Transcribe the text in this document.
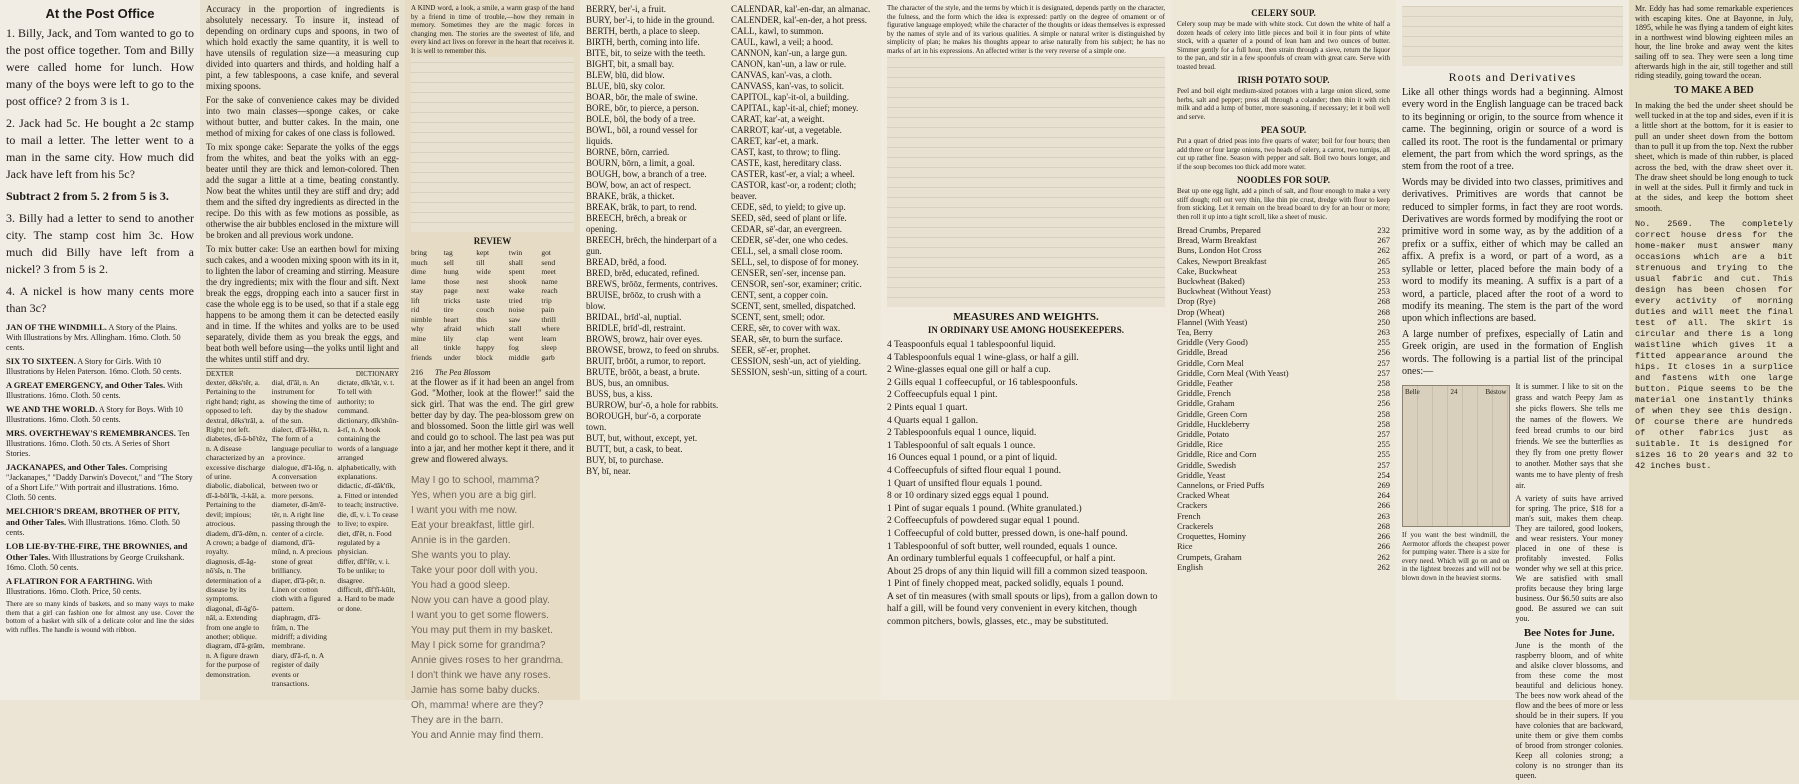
At the Post Office

1. Billy, Jack, and Tom wanted to go to the post office together. Tom and Billy were called home for lunch. How many of the boys were left to go to the post office? 2 from 3 is 1.

2. Jack had 5c. He bought a 2c stamp to mail a letter. The letter went to a man in the same city. How much did Jack have left from his 5c?

Subtract 2 from 5. 2 from 5 is 3.

3. Billy had a letter to send to another city. The stamp cost him 3c. How much did Billy have left from a nickel? 3 from 5 is 2.

4. A nickel is how many cents more than 3c?

JAN OF THE WINDMILL. A Story of the Plains. With Illustrations by Mrs. Allingham. 16mo. Cloth. 50 cents.

SIX TO SIXTEEN. A Story for Girls. With 10 Illustrations by Helen Paterson. 16mo. Cloth. 50 cents.

A GREAT EMERGENCY, and Other Tales. With Illustrations. 16mo. Cloth. 50 cents.

WE AND THE WORLD. A Story for Boys. With 10 Illustrations. 16mo. Cloth. 50 cents.

MRS. OVERTHEWAY'S REMEMBRANCES. Ten Illustrations. 16mo. Cloth. 50 cts. A Series of Short Stories.

JACKANAPES, and Other Tales. Comprising "Jackanapes," "Daddy Darwin's Dovecot," and "The Story of a Short Life." With portrait and illustrations. 16mo. Cloth. 50 cents.

MELCHIOR'S DREAM, BROTHER OF PITY, and Other Tales. With Illustrations. 16mo. Cloth. 50 cents.

LOB LIE-BY-THE-FIRE, THE BROWNIES, and Other Tales. With Illustrations by George Cruikshank. 16mo. Cloth. 50 cents.

A FLATIRON FOR A FARTHING. With Illustrations. 16mo. Cloth. Price, 50 cents.

There are so many kinds of baskets, and so many ways to make them that a girl can fashion one for almost any use. Cover the bottom of a basket with silk of a delicate color and line the sides with ruffles. The handle is wound with ribbon.

Accuracy in the proportion of ingredients is absolutely necessary. To insure it, instead of depending on ordinary cups and spoons, in two of which hold exactly the same quantity, it is well to have utensils of regulation size—a measuring cup divided into quarters and thirds, and holding half a pint, a few tablespoons, a case knife, and several mixing spoons.

For the sake of convenience cakes may be divided into two main classes—sponge cakes, or cake without butter, and butter cakes. In the main, one method of mixing for cakes of one class is followed.

To mix sponge cake: Separate the yolks of the eggs from the whites, and beat the yolks with an egg-beater until they are thick and lemon-colored. Then add the sugar a little at a time, beating constantly. Now beat the whites until they are stiff and dry; add them and the sifted dry ingredients as directed in the recipe. Do this with as few motions as possible, as otherwise the air bubbles enclosed in the mixture will be broken and all previous work undone.

To mix butter cake: Use an earthen bowl for mixing such cakes, and a wooden mixing spoon with its in it, to lighten the labor of creaming and stirring. Measure the dry ingredients; mix with the flour and sift. Next break the eggs, dropping each into a saucer first in case the whole egg is to be used, so that if a stale egg happens to be among them it can be detected easily and in time. If the whites and yolks are to be used separately, divide them as you break the eggs, and beat both well before using—the yolks until light and the whites until stiff and dry.

DEXTER	DICTIONARY

dexter, dĕks'tēr, a. Pertaining to the right hand; right, as opposed to left.

dextral, dĕks'trăl, a. Right; not left.

diabetes, dī-ă-bē'tēz, n. A disease characterized by an excessive discharge of urine.

diabolic, diabolical, dī-ă-bŏl'ĭk, -ĭ-kăl, a. Pertaining to the devil; impious; atrocious.

diadem, dī'ă-dĕm, n. A crown; a badge of royalty.

diagnosis, dī-ăg-nō'sĭs, n. The determination of a disease by its symptoms.

diagonal, dī-ăg'ō-năl, a. Extending from one angle to another; oblique.

diagram, dī'ă-grăm, n. A figure drawn for the purpose of demonstration.

dial, dī'ăl, n. An instrument for showing the time of day by the shadow of the sun.

dialect, dī'ă-lĕkt, n. The form of a language peculiar to a province.

dialogue, dī'ă-lŏg, n. A conversation between two or more persons.

diameter, dī-ăm'ē-tēr, n. A right line passing through the center of a circle.

diamond, dī'ă-mŭnd, n. A precious stone of great brilliancy.

diaper, dī'ă-pēr, n. Linen or cotton cloth with a figured pattern.

diaphragm, dī'ă-frăm, n. The midriff; a dividing membrane.

diary, dī'ă-rĭ, n. A register of daily events or transactions.

dictate, dĭk'tāt, v. t. To tell with authority; to command.

dictionary, dĭk'shŭn-ă-rĭ, n. A book containing the words of a language arranged alphabetically, with explanations.

didactic, dī-dăk'tĭk, a. Fitted or intended to teach; instructive.

die, dī, v. i. To cease to live; to expire.

diet, dī'ĕt, n. Food regulated by a physician.

differ, dĭf'fēr, v. i. To be unlike; to disagree.

difficult, dĭf'fĭ-kŭlt, a. Hard to be made or done.

A KIND word, a look, a smile, a warm grasp of the hand by a friend in time of trouble,—how they remain in memory. Sometimes they are the magic forces in changing men. The stories are the sweetest of life, and every kind act lives on forever in the heart that receives it. It is well to remember this.

REVIEW
bring	tag	kept	twin	got
much	sell	till	shall	send
dime	hung	wide	spent	meet
lame	those	nest	shook	name
stay	page	next	wake	reach
lift	tricks	taste	tried	trip
rid	tire	couch	noise	pain
nimble	heart	this	saw	thrill
why	afraid	which	stall	where
mine	lily	clap	went	learn
all	tinkle	happy	fog	sleep
friends	under	block	middle	garb
216 The Pea Blossom

at the flower as if it had been an angel from God. "Mother, look at the flower!" said the sick girl. That was the end. The girl grew better day by day. The pea-blossom grew on and blossomed. Soon the little girl was well and could go to school. The last pea was put into a jar, and her mother kept it there, and it grew and flowered always.

May I go to school, mamma?

Yes, when you are a big girl.

I want you with me now.

Eat your breakfast, little girl.

Annie is in the garden.

She wants you to play.

Take your poor doll with you.

You had a good sleep.

Now you can have a good play.

I want you to get some flowers.

You may put them in my basket.

May I pick some for grandma?

Annie gives roses to her grandma.

I don't think we have any roses.

Jamie has some baby ducks.

Oh, mamma! where are they?

They are in the barn.

You and Annie may find them.

BERRY, ber'-i, a fruit.

BURY, ber'-i, to hide in the ground.

BERTH, berth, a place to sleep.

BIRTH, berth, coming into life.

BITE, bit, to seize with the teeth.

BIGHT, bit, a small bay.

BLEW, blū, did blow.

BLUE, blū, sky color.

BOAR, bōr, the male of swine.

BORE, bōr, to pierce, a person.

BOLE, bōl, the body of a tree.

BOWL, bōl, a round vessel for liquids.

BORNE, bōrn, carried.

BOURN, bōrn, a limit, a goal.

BOUGH, bow, a branch of a tree.

BOW, bow, an act of respect.

BRAKE, brāk, a thicket.

BREAK, brāk, to part, to rend.

BREECH, brēch, a break or opening.

BREECH, brēch, the hinderpart of a gun.

BREAD, brĕd, a food.

BRED, brĕd, educated, refined.

BREWS, brōōz, ferments, contrives.

BRUISE, brōōz, to crush with a blow.

BRIDAL, brīd'-al, nuptial.

BRIDLE, brīd'-dl, restraint.

BROWS, browz, hair over eyes.

BROWSE, browz, to feed on shrubs.

BRUIT, brōōt, a rumor, to report.

BRUTE, brōōt, a beast, a brute.

BUS, bus, an omnibus.

BUSS, bus, a kiss.

BURROW, bur'-ō, a hole for rabbits.

BOROUGH, bur'-ō, a corporate town.

BUT, but, without, except, yet.

BUTT, but, a cask, to beat.

BUY, bī, to purchase.

BY, bī, near.

CALENDAR, kal'-en-dar, an almanac.

CALENDER, kal'-en-der, a hot press.

CALL, kawl, to summon.

CAUL, kawl, a veil; a hood.

CANNON, kan'-un, a large gun.

CANON, kan'-un, a law or rule.

CANVAS, kan'-vas, a cloth.

CANVASS, kan'-vas, to solicit.

CAPITOL, kap'-it-ol, a building.

CAPITAL, kap'-it-al, chief; money.

CARAT, kar'-at, a weight.

CARROT, kar'-ut, a vegetable.

CARET, kar'-et, a mark.

CAST, kast, to throw; to fling.

CASTE, kast, hereditary class.

CASTER, kast'-er, a vial; a wheel.

CASTOR, kast'-or, a rodent; cloth; beaver.

CEDE, sēd, to yield; to give up.

SEED, sēd, seed of plant or life.

CEDAR, sē'-dar, an evergreen.

CEDER, sē'-der, one who cedes.

CELL, sel, a small close room.

SELL, sel, to dispose of for money.

CENSER, sen'-ser, incense pan.

CENSOR, sen'-sor, examiner; critic.

CENT, sent, a copper coin.

SCENT, sent, smelled, dispatched.

SCENT, sent, smell; odor.

CERE, sēr, to cover with wax.

SEAR, sēr, to burn the surface.

SEER, sē'-er, prophet.

CESSION, sesh'-un, act of yielding.

SESSION, sesh'-un, sitting of a court.

The character of the style, and the terms by which it is designated, depends partly on the character, the fulness, and the form which the idea is expressed: partly on the degree of ornament or of figurative language employed; while the character of the thoughts or ideas themselves is expressed by the names of style and of its various qualities. A simple or natural writer is distinguished by simplicity of plan; he makes his thoughts appear to arise naturally from his subject; he has no marks of art in his expressions. An affected writer is the very reverse of a simple one.

MEASURES AND WEIGHTS.
IN ORDINARY USE AMONG HOUSEKEEPERS.

4 Teaspoonfuls equal 1 tablespoonful liquid.

4 Tablespoonfuls equal 1 wine-glass, or half a gill.

2 Wine-glasses equal one gill or half a cup.

2 Gills equal 1 coffeecupful, or 16 tablespoonfuls.

2 Coffeecupfuls equal 1 pint.

2 Pints equal 1 quart.

4 Quarts equal 1 gallon.

2 Tablespoonfuls equal 1 ounce, liquid.

1 Tablespoonful of salt equals 1 ounce.

16 Ounces equal 1 pound, or a pint of liquid.

4 Coffeecupfuls of sifted flour equal 1 pound.

1 Quart of unsifted flour equals 1 pound.

8 or 10 ordinary sized eggs equal 1 pound.

1 Pint of sugar equals 1 pound. (White granulated.)

2 Coffeecupfuls of powdered sugar equal 1 pound.

1 Coffeecupful of cold butter, pressed down, is one-half pound.

1 Tablespoonful of soft butter, well rounded, equals 1 ounce.

An ordinary tumblerful equals 1 coffeecupful, or half a pint.

About 25 drops of any thin liquid will fill a common sized teaspoon.

1 Pint of finely chopped meat, packed solidly, equals 1 pound.

A set of tin measures (with small spouts or lips), from a gallon down to half a gill, will be found very convenient in every kitchen, though common pitchers, bowls, glasses, etc., may be substituted.

CELERY SOUP.

Celery soup may be made with white stock. Cut down the white of half a dozen heads of celery into little pieces and boil it in four pints of white stock, with a quarter of a pound of lean ham and two ounces of butter. Simmer gently for a full hour, then strain through a sieve, return the liquor to the pan, and stir in a few spoonfuls of cream with great care. Serve with toasted bread.

IRISH POTATO SOUP.

Peel and boil eight medium-sized potatoes with a large onion sliced, some herbs, salt and pepper; press all through a colander; then thin it with rich milk and add a lump of butter, more seasoning, if necessary; let it boil well and serve.

PEA SOUP.

Put a quart of dried peas into five quarts of water; boil for four hours; then add three or four large onions, two heads of celery, a carrot, two turnips, all cut up rather fine. Season with pepper and salt. Boil two hours longer, and if the soup becomes too thick add more water.

NOODLES FOR SOUP.

Beat up one egg light, add a pinch of salt, and flour enough to make a very stiff dough; roll out very thin, like thin pie crust, dredge with flour to keep from sticking. Let it remain on the bread board to dry for an hour or more; then roll it up into a tight scroll, like a sheet of music.

Bread Crumbs, Prepared	232
Bread, Warm Breakfast	267
Buns, London Hot Cross	262
Cakes, Newport Breakfast	265
Cake, Buckwheat	253
Buckwheat (Baked)	253
Buckwheat (Without Yeast)	253
Drop (Rye)	268
Drop (Wheat)	268
Flannel (With Yeast)	250
Tea, Berry	263
Griddle (Very Good)	255
Griddle, Bread	256
Griddle, Corn Meal	257
Griddle, Corn Meal (With Yeast)	257
Griddle, Feather	258
Griddle, French	258
Griddle, Graham	256
Griddle, Green Corn	258
Griddle, Huckleberry	258
Griddle, Potato	257
Griddle, Rice	255
Griddle, Rice and Corn	255
Griddle, Swedish	257
Griddle, Yeast	254
Cannelons, or Fried Puffs	269
Cracked Wheat	264
Crackers	266
French	263
Crackerels	268
Croquettes, Hominy	266
Rice	266
Crumpets, Graham	262
English	262
Roots and Derivatives

Like all other things words had a beginning. Almost every word in the English language can be traced back to its beginning or origin, to the source from whence it came. The beginning, origin or source of a word is called its root. The root is the fundamental or primary element, the part from which the word springs, as the stem from the root of a tree.

Words may be divided into two classes, primitives and derivatives. Primitives are words that cannot be reduced to simpler forms, in fact they are root words. Derivatives are words formed by modifying the root or primitive word in some way, as by the addition of a prefix or a suffix, either of which may be called an affix. A prefix is a word, or part of a word, as a syllable or letter, placed before the main body of a word to modify its meaning. A suffix is a part of a word, a particle, placed after the root of a word to modify its meaning. The stem is the part of the word upon which inflections are based.

A large number of prefixes, especially of Latin and Greek origin, are used in the formation of English words. The following is a partial list of the principal ones:—

Belle	24	Bestow

If you want the best windmill, the Aermotor affords the cheapest power for pumping water. There is a size for every need. Which will go on and on in the lightest breezes and will not be blown down in the heaviest storms.

It is summer. I like to sit on the grass and watch Peepy Jam as she picks flowers. She tells me the names of the flowers. We feed bread crumbs to our bird friends. We see the butterflies as they fly from one pretty flower to another. Mother says that she wants me to have plenty of fresh air.

A variety of suits have arrived for spring. The price, $18 for a man's suit, makes them cheap. They are tailored, good lookers, and wear resisters. Your money placed in one of these is profitably invested. Folks wonder why we sell at this price. We are satisfied with small profits because they bring large business. Our $6.50 suits are also good. Be assured we can suit you.

Bee Notes for June.

June is the month of the raspberry bloom, and of white and alsike clover blossoms, and from these come the most beautiful and delicious honey. The bees now work ahead of the flow and the bees of more or less should be in their supers. If you have colonies that are backward, unite them or give them combs of brood from stronger colonies. Keep all colonies strong; a colony is no stronger than its queen.

Mr. Eddy has had some remarkable experiences with escaping kites. One at Bayonne, in July, 1895, while he was flying a tandem of eight kites in a northwest wind blowing eighteen miles an hour, the line broke and away went the kites sailing off to sea. They were seen a long time afterwards high in the air, still together and still riding steadily, going toward the ocean.

TO MAKE A BED

In making the bed the under sheet should be well tucked in at the top and sides, even if it is a little short at the bottom, for it is easier to pull an under sheet down from the bottom than to pull it up from the top. Next the rubber sheet, which is made of thin rubber, is placed across the bed, with the draw sheet over it. The draw sheet should be long enough to tuck in well at the sides. Pull it firmly and tuck in at the sides, and keep the bottom sheet smooth.

No. 2569. The completely correct house dress for the home-maker must answer many occasions which are a bit strenuous and trying to the usual fabric and cut. This design has been chosen for every activity of morning duties and will meet the final test of all. The skirt is circular and there is a long waistline which gives it a fitted appearance around the hips. It closes in a surplice and fastens with one large button. Pique seems to be the material one instantly thinks of when they see this design. Of course there are hundreds of other fabrics just as suitable. It is designed for sizes 16 to 20 years and 32 to 42 inches bust.
